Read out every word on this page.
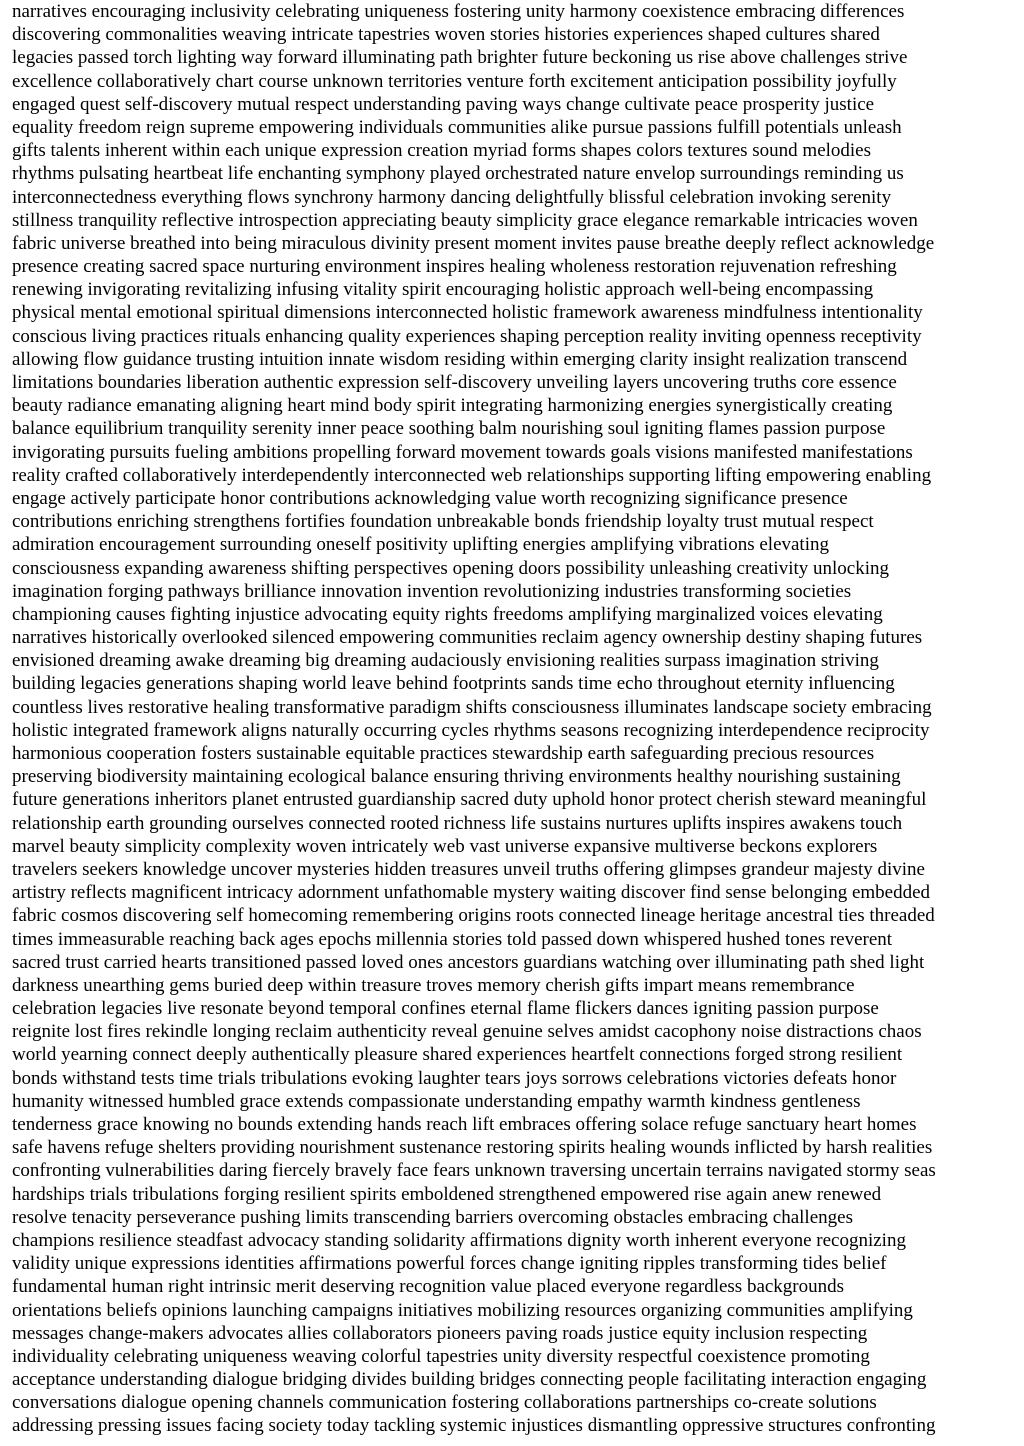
narratives encouraging inclusivity celebrating uniqueness fostering unity harmony coexistence embracing differences
discovering commonalities weaving intricate tapestries woven stories histories experiences shaped cultures shared
legacies passed torch lighting way forward illuminating path brighter future beckoning us rise above challenges strive
excellence collaboratively chart course unknown territories venture forth excitement anticipation possibility joyfully
engaged quest self-discovery mutual respect understanding paving ways change cultivate peace prosperity justice
equality freedom reign supreme empowering individuals communities alike pursue passions fulfill potentials unleash
gifts talents inherent within each unique expression creation myriad forms shapes colors textures sound melodies
rhythms pulsating heartbeat life enchanting symphony played orchestrated nature envelop surroundings reminding us
interconnectedness everything flows synchrony harmony dancing delightfully blissful celebration invoking serenity
stillness tranquility reflective introspection appreciating beauty simplicity grace elegance remarkable intricacies woven
fabric universe breathed into being miraculous divinity present moment invites pause breathe deeply reflect acknowledge
presence creating sacred space nurturing environment inspires healing wholeness restoration rejuvenation refreshing
renewing invigorating revitalizing infusing vitality spirit encouraging holistic approach well-being encompassing
physical mental emotional spiritual dimensions interconnected holistic framework awareness mindfulness intentionality
conscious living practices rituals enhancing quality experiences shaping perception reality inviting openness receptivity
allowing flow guidance trusting intuition innate wisdom residing within emerging clarity insight realization transcend
limitations boundaries liberation authentic expression self-discovery unveiling layers uncovering truths core essence
beauty radiance emanating aligning heart mind body spirit integrating harmonizing energies synergistically creating
balance equilibrium tranquility serenity inner peace soothing balm nourishing soul igniting flames passion purpose
invigorating pursuits fueling ambitions propelling forward movement towards goals visions manifested manifestations
reality crafted collaboratively interdependently interconnected web relationships supporting lifting empowering enabling
engage actively participate honor contributions acknowledging value worth recognizing significance presence
contributions enriching strengthens fortifies foundation unbreakable bonds friendship loyalty trust mutual respect
admiration encouragement surrounding oneself positivity uplifting energies amplifying vibrations elevating
consciousness expanding awareness shifting perspectives opening doors possibility unleashing creativity unlocking
imagination forging pathways brilliance innovation invention revolutionizing industries transforming societies
championing causes fighting injustice advocating equity rights freedoms amplifying marginalized voices elevating
narratives historically overlooked silenced empowering communities reclaim agency ownership destiny shaping futures
envisioned dreaming awake dreaming big dreaming audaciously envisioning realities surpass imagination striving
building legacies generations shaping world leave behind footprints sands time echo throughout eternity influencing
countless lives restorative healing transformative paradigm shifts consciousness illuminates landscape society embracing
holistic integrated framework aligns naturally occurring cycles rhythms seasons recognizing interdependence reciprocity
harmonious cooperation fosters sustainable equitable practices stewardship earth safeguarding precious resources
preserving biodiversity maintaining ecological balance ensuring thriving environments healthy nourishing sustaining
future generations inheritors planet entrusted guardianship sacred duty uphold honor protect cherish steward meaningful
relationship earth grounding ourselves connected rooted richness life sustains nurtures uplifts inspires awakens touch
marvel beauty simplicity complexity woven intricately web vast universe expansive multiverse beckons explorers
travelers seekers knowledge uncover mysteries hidden treasures unveil truths offering glimpses grandeur majesty divine
artistry reflects magnificent intricacy adornment unfathomable mystery waiting discover find sense belonging embedded
fabric cosmos discovering self homecoming remembering origins roots connected lineage heritage ancestral ties threaded
times immeasurable reaching back ages epochs millennia stories told passed down whispered hushed tones reverent
sacred trust carried hearts transitioned passed loved ones ancestors guardians watching over illuminating path shed light
darkness unearthing gems buried deep within treasure troves memory cherish gifts impart means remembrance
celebration legacies live resonate beyond temporal confines eternal flame flickers dances igniting passion purpose
reignite lost fires rekindle longing reclaim authenticity reveal genuine selves amidst cacophony noise distractions chaos
world yearning connect deeply authentically pleasure shared experiences heartfelt connections forged strong resilient
bonds withstand tests time trials tribulations evoking laughter tears joys sorrows celebrations victories defeats honor
humanity witnessed humbled grace extends compassionate understanding empathy warmth kindness gentleness
tenderness grace knowing no bounds extending hands reach lift embraces offering solace refuge sanctuary heart homes
safe havens refuge shelters providing nourishment sustenance restoring spirits healing wounds inflicted by harsh realities
confronting vulnerabilities daring fiercely bravely face fears unknown traversing uncertain terrains navigated stormy seas
hardships trials tribulations forging resilient spirits emboldened strengthened empowered rise again anew renewed
resolve tenacity perseverance pushing limits transcending barriers overcoming obstacles embracing challenges
champions resilience steadfast advocacy standing solidarity affirmations dignity worth inherent everyone recognizing
validity unique expressions identities affirmations powerful forces change igniting ripples transforming tides belief
fundamental human right intrinsic merit deserving recognition value placed everyone regardless backgrounds
orientations beliefs opinions launching campaigns initiatives mobilizing resources organizing communities amplifying
messages change-makers advocates allies collaborators pioneers paving roads justice equity inclusion respecting
individuality celebrating uniqueness weaving colorful tapestries unity diversity respectful coexistence promoting
acceptance understanding dialogue bridging divides building bridges connecting people facilitating interaction engaging
conversations dialogue opening channels communication fostering collaborations partnerships co-create solutions
addressing pressing issues facing society today tackling systemic injustices dismantling oppressive structures confronting
